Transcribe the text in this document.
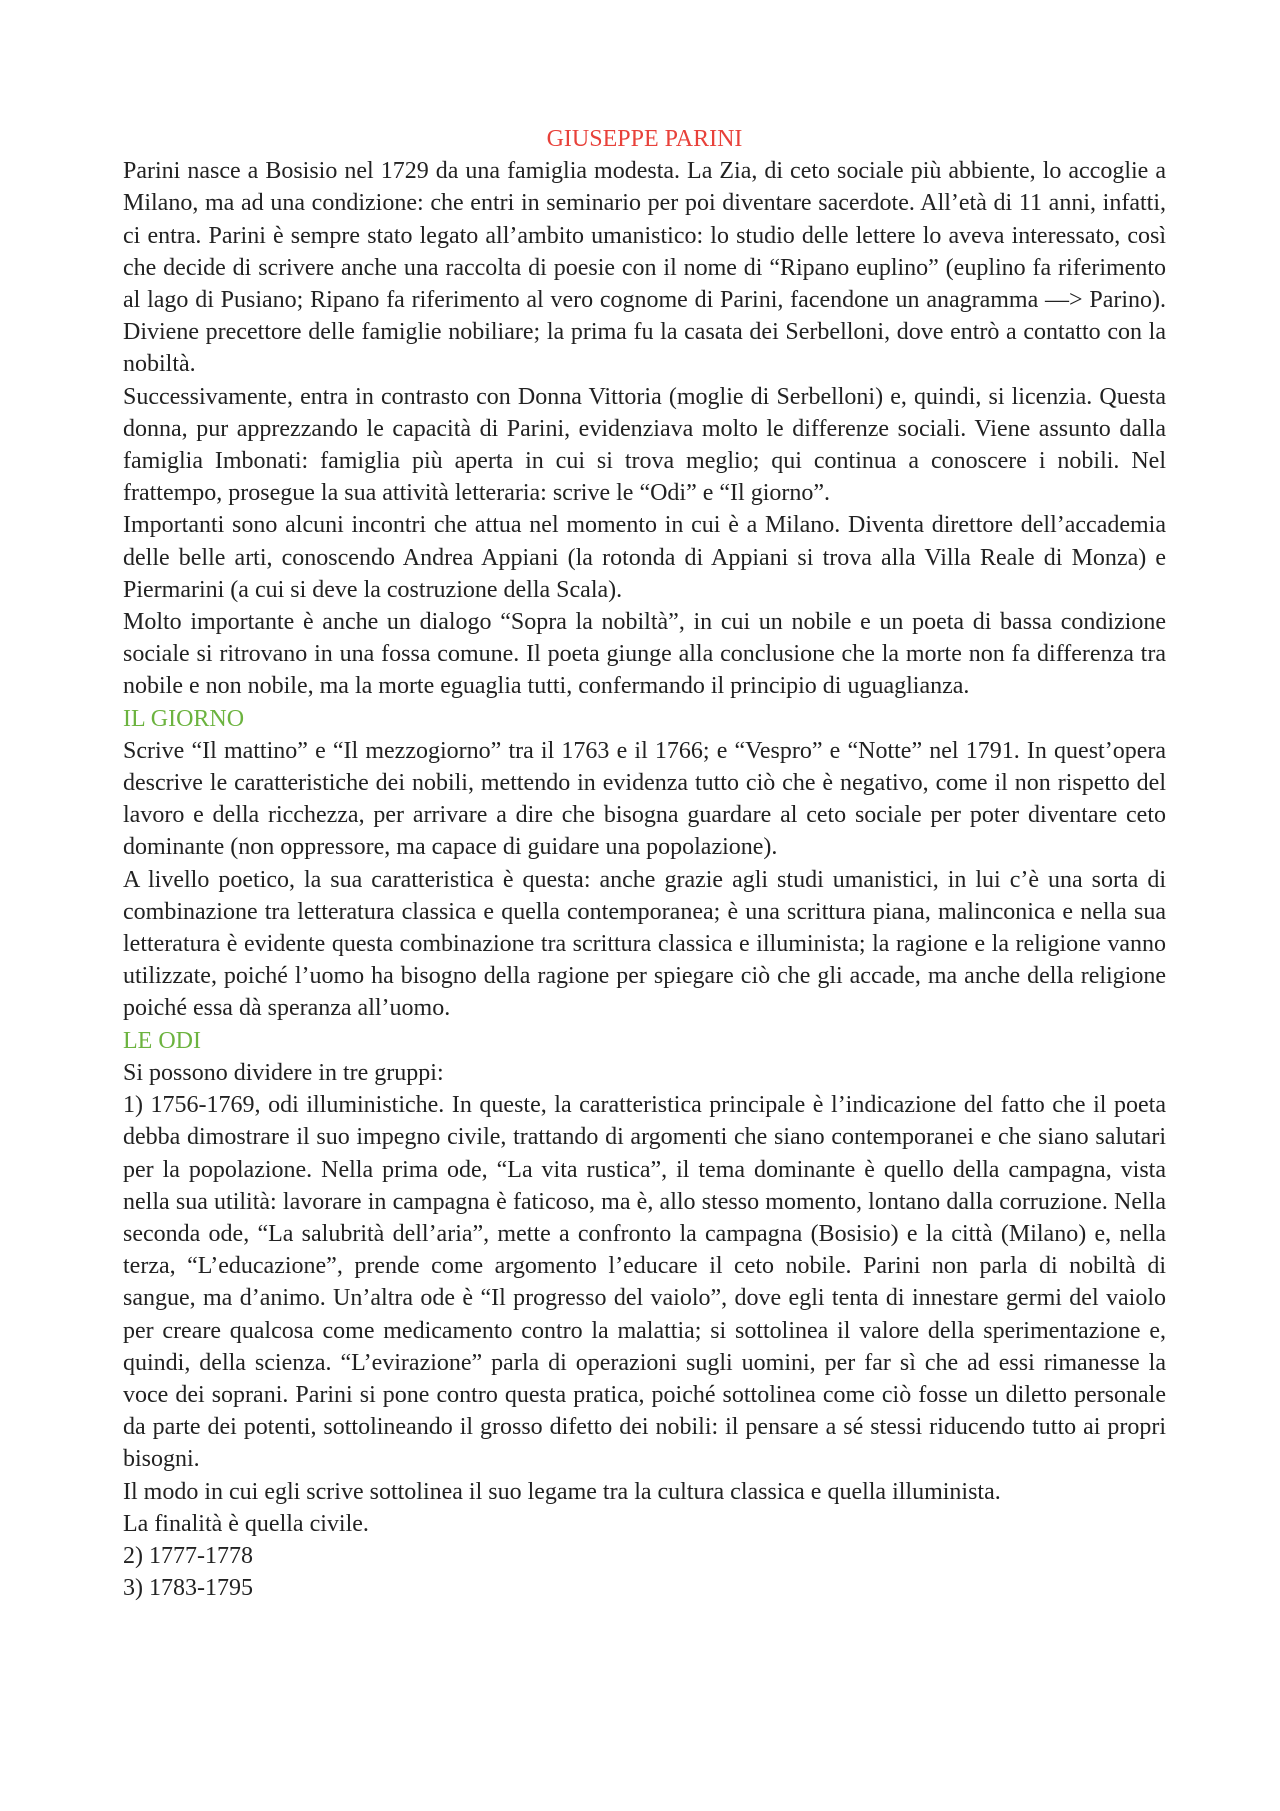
GIUSEPPE PARINI

Parini nasce a Bosisio nel 1729 da una famiglia modesta. La Zia, di ceto sociale più abbiente, lo accoglie a Milano, ma ad una condizione: che entri in seminario per poi diventare sacerdote. All’età di 11 anni, infatti, ci entra. Parini è sempre stato legato all’ambito umanistico: lo studio delle lettere lo aveva interessato, così che decide di scrivere anche una raccolta di poesie con il nome di “Ripano euplino” (euplino fa riferimento al lago di Pusiano; Ripano fa riferimento al vero cognome di Parini, facendone un anagramma —> Parino). Diviene precettore delle famiglie nobiliare; la prima fu la casata dei Serbelloni, dove entrò a contatto con la nobiltà.

Successivamente, entra in contrasto con Donna Vittoria (moglie di Serbelloni) e, quindi, si licenzia. Questa donna, pur apprezzando le capacità di Parini, evidenziava molto le differenze sociali. Viene assunto dalla famiglia Imbonati: famiglia più aperta in cui si trova meglio; qui continua a conoscere i nobili. Nel frattempo, prosegue la sua attività letteraria: scrive le “Odi” e “Il giorno”.

Importanti sono alcuni incontri che attua nel momento in cui è a Milano. Diventa direttore dell’accademia delle belle arti, conoscendo Andrea Appiani (la rotonda di Appiani si trova alla Villa Reale di Monza) e Piermarini (a cui si deve la costruzione della Scala).

Molto importante è anche un dialogo “Sopra la nobiltà”, in cui un nobile e un poeta di bassa condizione sociale si ritrovano in una fossa comune. Il poeta giunge alla conclusione che la morte non fa differenza tra nobile e non nobile, ma la morte eguaglia tutti, confermando il principio di uguaglianza.

IL GIORNO

Scrive “Il mattino” e “Il mezzogiorno” tra il 1763 e il 1766; e “Vespro” e “Notte” nel 1791. In quest’opera descrive le caratteristiche dei nobili, mettendo in evidenza tutto ciò che è negativo, come il non rispetto del lavoro e della ricchezza, per arrivare a dire che bisogna guardare al ceto sociale per poter diventare ceto dominante (non oppressore, ma capace di guidare una popolazione).

A livello poetico, la sua caratteristica è questa: anche grazie agli studi umanistici, in lui c’è una sorta di combinazione tra letteratura classica e quella contemporanea; è una scrittura piana, malinconica e nella sua letteratura è evidente questa combinazione tra scrittura classica e illuminista; la ragione e la religione vanno utilizzate, poiché l’uomo ha bisogno della ragione per spiegare ciò che gli accade, ma anche della religione poiché essa dà speranza all’uomo.

LE ODI

Si possono dividere in tre gruppi:

1) 1756-1769, odi illuministiche. In queste, la caratteristica principale è l’indicazione del fatto che il poeta debba dimostrare il suo impegno civile, trattando di argomenti che siano contemporanei e che siano salutari per la popolazione. Nella prima ode, “La vita rustica”, il tema dominante è quello della campagna, vista nella sua utilità: lavorare in campagna è faticoso, ma è, allo stesso momento, lontano dalla corruzione. Nella seconda ode, “La salubrità dell’aria”, mette a confronto la campagna (Bosisio) e la città (Milano) e, nella terza, “L’educazione”, prende come argomento l’educare il ceto nobile. Parini non parla di nobiltà di sangue, ma d’animo. Un’altra ode è “Il progresso del vaiolo”, dove egli tenta di innestare germi del vaiolo per creare qualcosa come medicamento contro la malattia; si sottolinea il valore della sperimentazione e, quindi, della scienza. “L’evirazione” parla di operazioni sugli uomini, per far sì che ad essi rimanesse la voce dei soprani. Parini si pone contro questa pratica, poiché sottolinea come ciò fosse un diletto personale da parte dei potenti, sottolineando il grosso difetto dei nobili: il pensare a sé stessi riducendo tutto ai propri bisogni.

Il modo in cui egli scrive sottolinea il suo legame tra la cultura classica e quella illuminista.

La finalità è quella civile.

2) 1777-1778

3) 1783-1795
